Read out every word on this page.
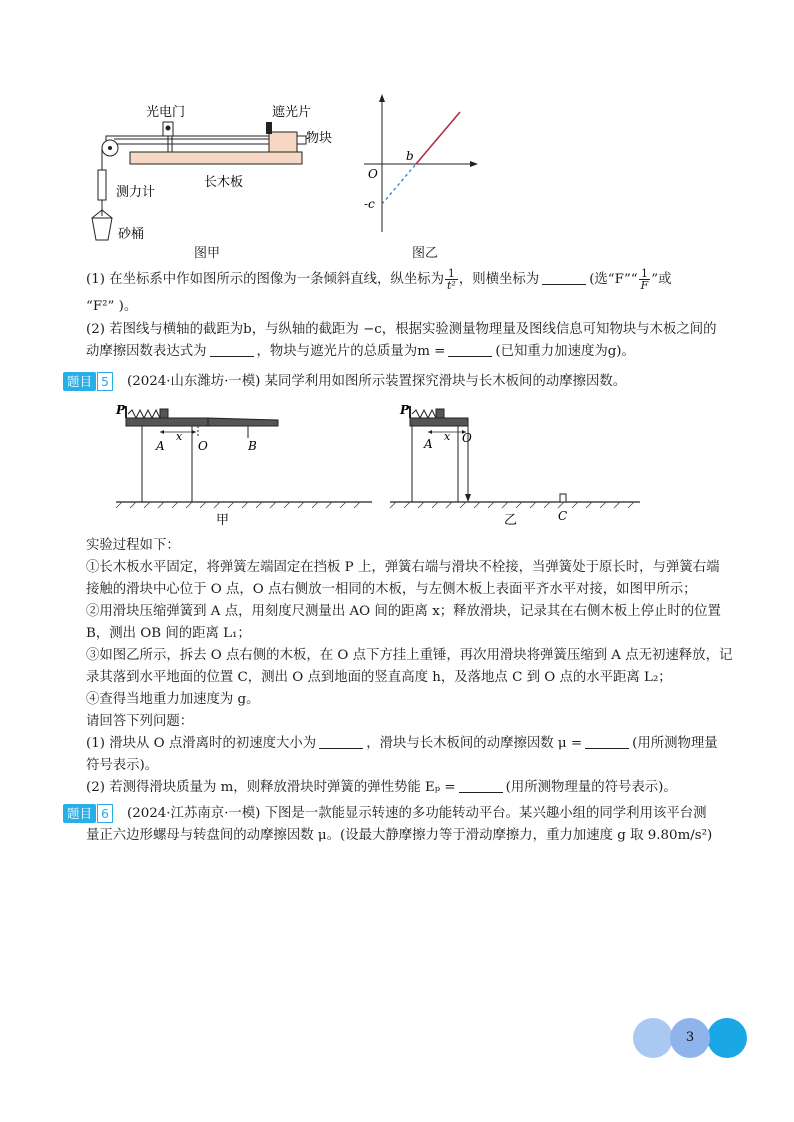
光电门	遮光片
物块
长木板
测力计
砂桶
图甲
b
O
-c
图乙
(1) 在坐标系中作如图所示的图像为一条倾斜直线，纵坐标为 $\frac{1}{\text{t²}}$ ，则横坐标为	(选“F”“ $\frac{1}{F}$ ”或
“F²” )。
(2) 若图线与横轴的截距为b，与纵轴的截距为 −c，根据实验测量物理量及图线信息可知物块与木板之间的
动摩擦因数表达式为	，物块与遮光片的总质量为m =	(已知重力加速度为g)。
题目 5	(2024·山东潍坊·一模) 某同学利用如图所示装置探究滑块与长木板间的动摩擦因数。
P
A
x
O	B
甲
P
A
x O
C
乙
实验过程如下：
①长木板水平固定，将弹簧左端固定在挡板 P 上，弹簧右端与滑块不栓接，当弹簧处于原长时，与弹簧右端
接触的滑块中心位于 O 点，O 点右侧放一相同的木板，与左侧木板上表面平齐水平对接，如图甲所示；
②用滑块压缩弹簧到 A 点，用刻度尺测量出 AO 间的距离 x；释放滑块，记录其在右侧木板上停止时的位置
B，测出 OB 间的距离 L₁；
③如图乙所示，拆去 O 点右侧的木板，在 O 点下方挂上重锤，再次用滑块将弹簧压缩到 A 点无初速释放，记
录其落到水平地面的位置 C，测出 O 点到地面的竖直高度 h，及落地点 C 到 O 点的水平距离 L₂；
④查得当地重力加速度为 g。
请回答下列问题：
(1) 滑块从 O 点滑离时的初速度大小为	，滑块与长木板间的动摩擦因数 μ =	(用所测物理量
符号表示)。
(2) 若测得滑块质量为 m，则释放滑块时弹簧的弹性势能 Eₚ =	(用所测物理量的符号表示)。
题目 6	(2024·江苏南京·一模) 下图是一款能显示转速的多功能转动平台。某兴趣小组的同学利用该平台测
量正六边形螺母与转盘间的动摩擦因数 μ。(设最大静摩擦力等于滑动摩擦力，重力加速度 g 取 9.80m/s²)
3
